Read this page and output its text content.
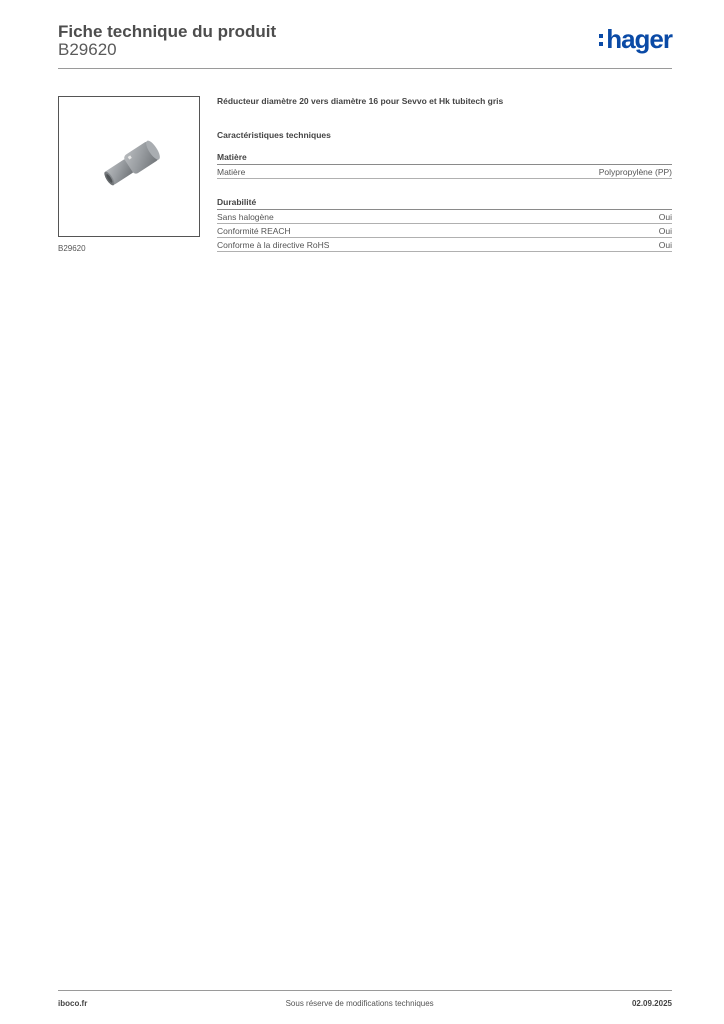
Fiche technique du produit
B29620	hager
B29620

Réducteur diamètre 20 vers diamètre 16 pour Sevvo et Hk tubitech gris

Caractéristiques techniques
Matière
Matière	Polypropylène (PP)
Durabilité
Sans halogène	Oui
Conformité REACH	Oui
Conforme à la directive RoHS	Oui
iboco.fr	Sous réserve de modifications techniques	02.09.2025
